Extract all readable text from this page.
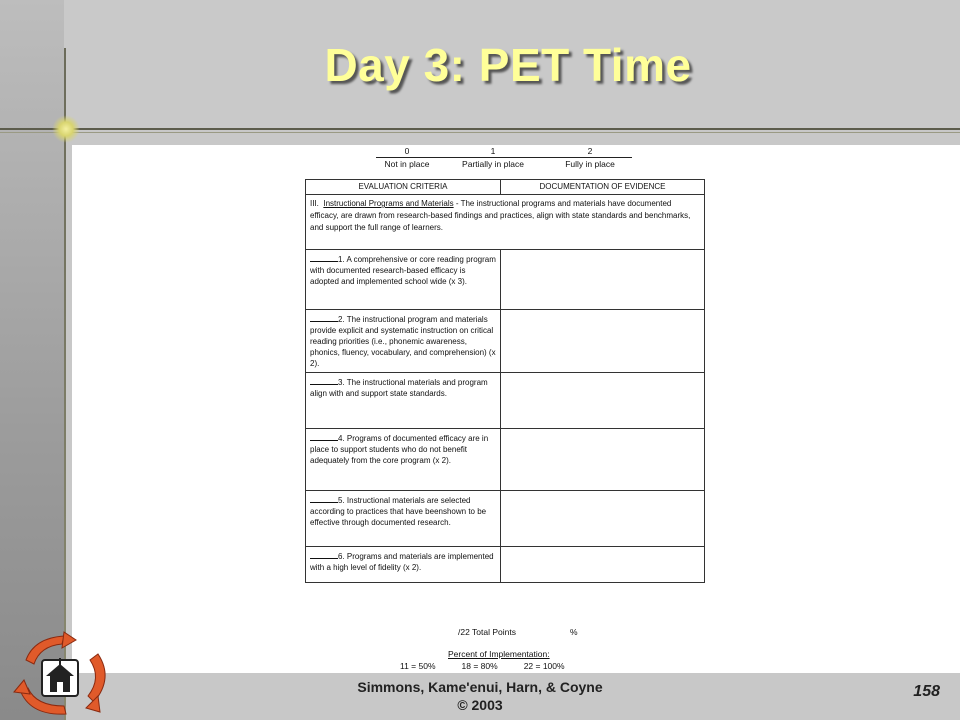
Day 3: PET Time
0	1	2
Not in place	Partially in place	Fully in place
EVALUATION CRITERIA	DOCUMENTATION OF EVIDENCE
III. Instructional Programs and Materials - The instructional programs and materials have documented efficacy, are drawn from research-based findings and practices, align with state standards and benchmarks, and support the full range of learners.	
1. A comprehensive or core reading program with documented research-based efficacy is adopted and implemented school wide (x 3).	
2. The instructional program and materials provide explicit and systematic instruction on critical reading priorities (i.e., phonemic awareness, phonics, fluency, vocabulary, and comprehension) (x 2).	
3. The instructional materials and program align with and support state standards.	
4. Programs of documented efficacy are in place to support students who do not benefit adequately from the core program (x 2).	
5. Instructional materials are selected according to practices that have beenshown to be effective through documented research.	
6. Programs and materials are implemented with a high level of fidelity (x 2).	
/22 Total Points	%
Percent of Implementation:
11 = 50%	18 = 80%	22 = 100%
Simmons, Kame'enui, Harn, & Coyne
© 2003
158
